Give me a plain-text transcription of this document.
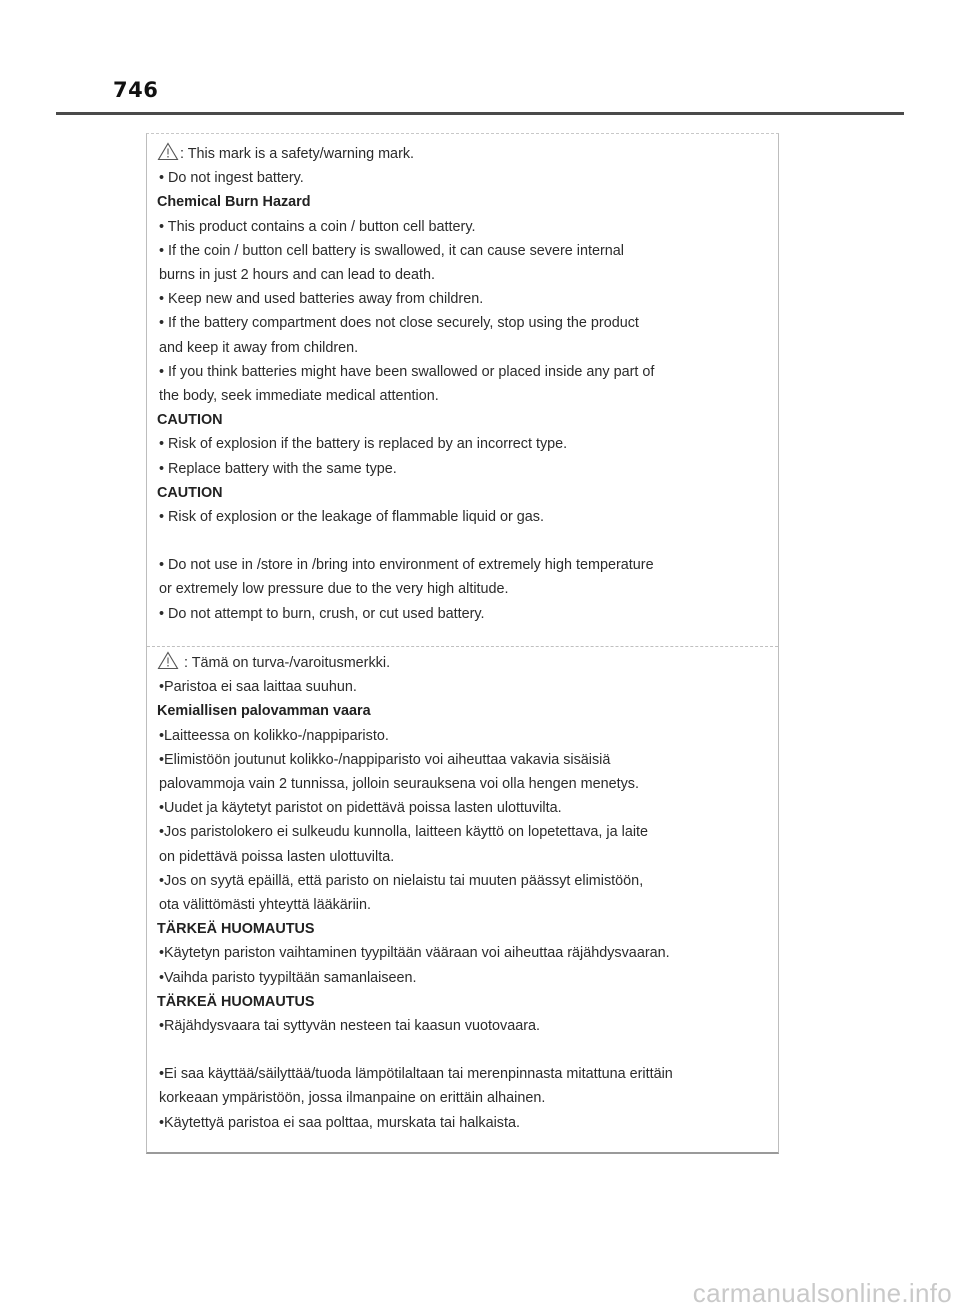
746
: This mark is a safety/warning mark.
• Do not ingest battery.
Chemical Burn Hazard
• This product contains a coin / button cell battery.
• If the coin / button cell battery is swallowed, it can cause severe internal
burns in just 2 hours and can lead to death.
• Keep new and used batteries away from children.
• If the battery compartment does not close securely, stop using the product
and keep it away from children.
• If you think batteries might have been swallowed or placed inside any part of
the body, seek immediate medical attention.
CAUTION
• Risk of explosion if the battery is replaced by an incorrect type.
• Replace battery with the same type.
CAUTION
• Risk of explosion or the leakage of flammable liquid or gas.
• Do not use in /store in /bring into environment of extremely high temperature
or extremely low pressure due to the very high altitude.
• Do not attempt to burn, crush, or cut used battery.
: Tämä on turva-/varoitusmerkki.
•Paristoa ei saa laittaa suuhun.
Kemiallisen palovamman vaara
•Laitteessa on kolikko-/nappiparisto.
•Elimistöön joutunut kolikko-/nappiparisto voi aiheuttaa vakavia sisäisiä
palovammoja vain 2 tunnissa, jolloin seurauksena voi olla hengen menetys.
•Uudet ja käytetyt paristot on pidettävä poissa lasten ulottuvilta.
•Jos paristolokero ei sulkeudu kunnolla, laitteen käyttö on lopetettava, ja laite
on pidettävä poissa lasten ulottuvilta.
•Jos on syytä epäillä, että paristo on nielaistu tai muuten päässyt elimistöön,
ota välittömästi yhteyttä lääkäriin.
TÄRKEÄ HUOMAUTUS
•Käytetyn pariston vaihtaminen tyypiltään vääraan voi aiheuttaa räjähdysvaaran.
•Vaihda paristo tyypiltään samanlaiseen.
TÄRKEÄ HUOMAUTUS
•Räjähdysvaara tai syttyvän nesteen tai kaasun vuotovaara.
•Ei saa käyttää/säilyttää/tuoda lämpötilaltaan tai merenpinnasta mitattuna erittäin
korkeaan ympäristöön, jossa ilmanpaine on erittäin alhainen.
•Käytettyä paristoa ei saa polttaa, murskata tai halkaista.
carmanualsonline.info
